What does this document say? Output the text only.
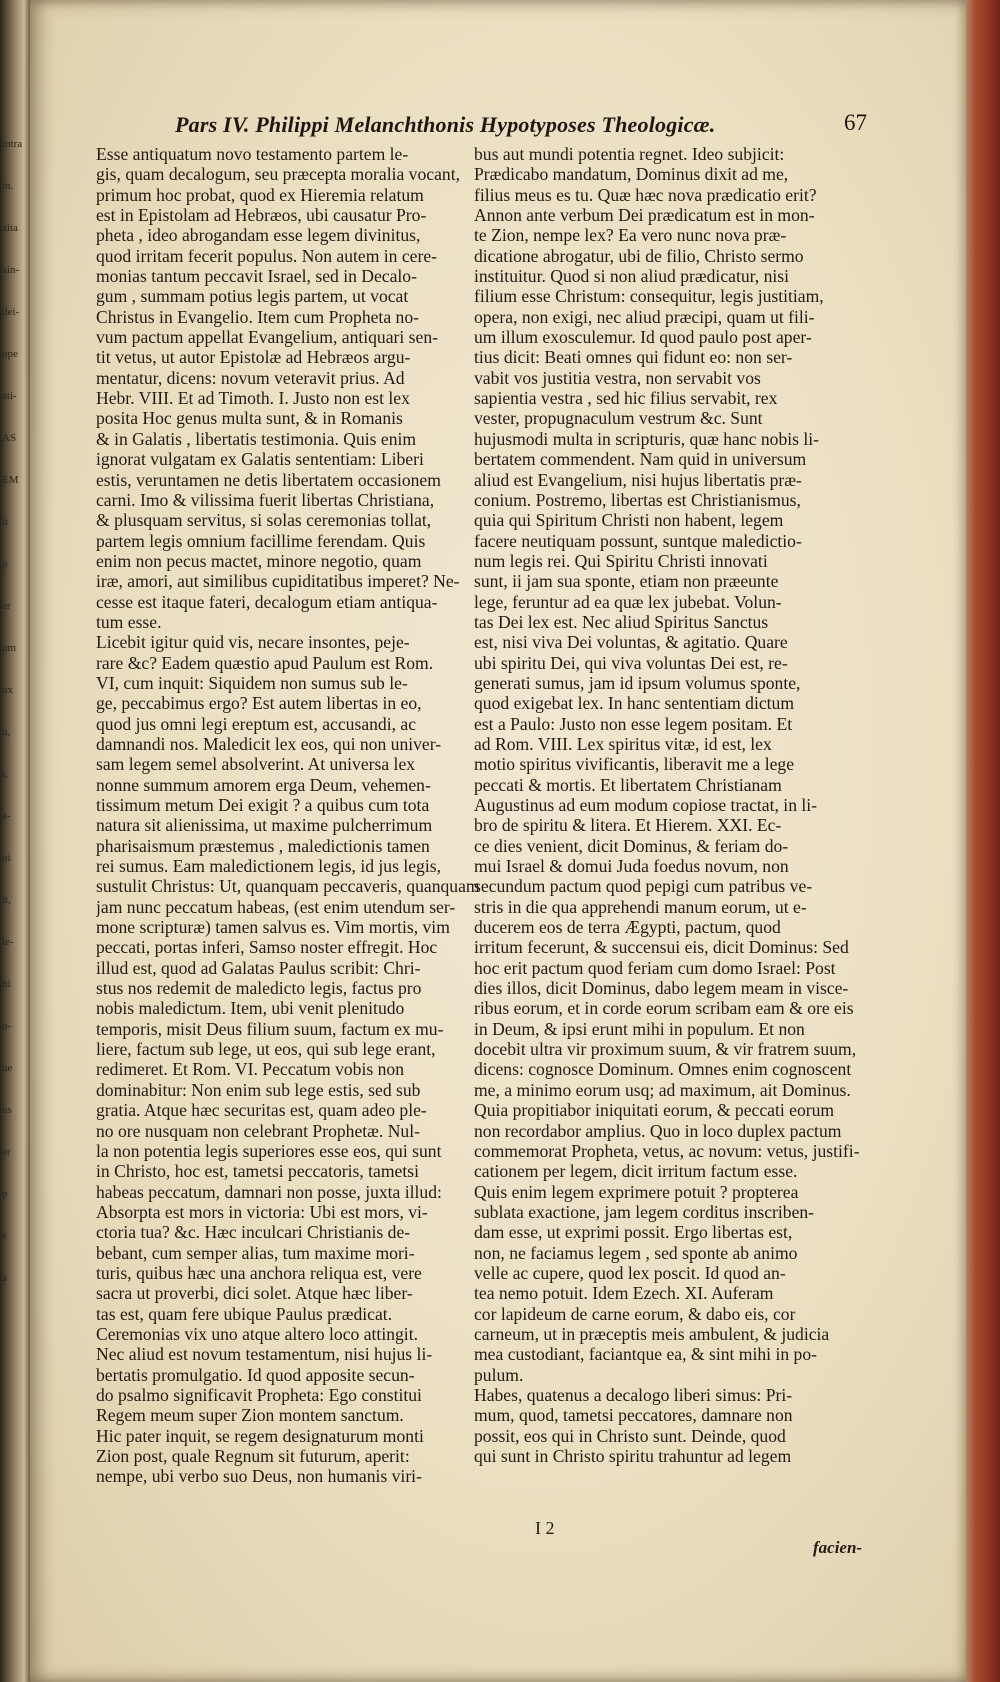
intra
in.
aita
ain-
dei-
ope
ati-
AS
EM
it
p
er
um
ux
n,
t,
a-
oi
it,
le-
hi
o-
ne
ns
er
p
e
a
Pars IV. Philippi Melanchthonis Hypotyposes Theologicæ.	67
Esse antiquatum novo testamento partem le-
gis, quam decalogum, seu præcepta moralia vocant,
primum hoc probat, quod ex Hieremia relatum
est in Epistolam ad Hebræos, ubi causatur Pro-
pheta , ideo abrogandam esse legem divinitus,
quod irritam fecerit populus. Non autem in cere-
monias tantum peccavit Israel, sed in Decalo-
gum , summam potius legis partem, ut vocat
Christus in Evangelio. Item cum Propheta no-
vum pactum appellat Evangelium, antiquari sen-
tit vetus, ut autor Epistolæ ad Hebræos argu-
mentatur, dicens: novum veteravit prius. Ad
Hebr. VIII. Et ad Timoth. I. Justo non est lex
posita Hoc genus multa sunt, & in Romanis
& in Galatis , libertatis testimonia. Quis enim
ignorat vulgatam ex Galatis sententiam: Liberi
estis, veruntamen ne detis libertatem occasionem
carni. Imo & vilissima fuerit libertas Christiana,
& plusquam servitus, si solas ceremonias tollat,
partem legis omnium facillime ferendam. Quis
enim non pecus mactet, minore negotio, quam
iræ, amori, aut similibus cupiditatibus imperet? Ne-
cesse est itaque fateri, decalogum etiam antiqua-
tum esse.
Licebit igitur quid vis, necare insontes, peje-
rare &c? Eadem quæstio apud Paulum est Rom.
VI, cum inquit: Siquidem non sumus sub le-
ge, peccabimus ergo? Est autem libertas in eo,
quod jus omni legi ereptum est, accusandi, ac
damnandi nos. Maledicit lex eos, qui non univer-
sam legem semel absolverint. At universa lex
nonne summum amorem erga Deum, vehemen-
tissimum metum Dei exigit ? a quibus cum tota
natura sit alienissima, ut maxime pulcherrimum
pharisaismum præstemus , maledictionis tamen
rei sumus. Eam maledictionem legis, id jus legis,
sustulit Christus: Ut, quanquam peccaveris, quanquam
jam nunc peccatum habeas, (est enim utendum ser-
mone scripturæ) tamen salvus es. Vim mortis, vim
peccati, portas inferi, Samso noster effregit. Hoc
illud est, quod ad Galatas Paulus scribit: Chri-
stus nos redemit de maledicto legis, factus pro
nobis maledictum. Item, ubi venit plenitudo
temporis, misit Deus filium suum, factum ex mu-
liere, factum sub lege, ut eos, qui sub lege erant,
redimeret. Et Rom. VI. Peccatum vobis non
dominabitur: Non enim sub lege estis, sed sub
gratia. Atque hæc securitas est, quam adeo ple-
no ore nusquam non celebrant Prophetæ. Nul-
la non potentia legis superiores esse eos, qui sunt
in Christo, hoc est, tametsi peccatoris, tametsi
habeas peccatum, damnari non posse, juxta illud:
Absorpta est mors in victoria: Ubi est mors, vi-
ctoria tua? &c. Hæc inculcari Christianis de-
bebant, cum semper alias, tum maxime mori-
turis, quibus hæc una anchora reliqua est, vere
sacra ut proverbi, dici solet. Atque hæc liber-
tas est, quam fere ubique Paulus prædicat.
Ceremonias vix uno atque altero loco attingit.
Nec aliud est novum testamentum, nisi hujus li-
bertatis promulgatio. Id quod apposite secun-
do psalmo significavit Propheta: Ego constitui
Regem meum super Zion montem sanctum.
Hic pater inquit, se regem designaturum monti
Zion post, quale Regnum sit futurum, aperit:
nempe, ubi verbo suo Deus, non humanis viri-
bus aut mundi potentia regnet. Ideo subjicit:
Prædicabo mandatum, Dominus dixit ad me,
filius meus es tu. Quæ hæc nova prædicatio erit?
Annon ante verbum Dei prædicatum est in mon-
te Zion, nempe lex? Ea vero nunc nova præ-
dicatione abrogatur, ubi de filio, Christo sermo
instituitur. Quod si non aliud prædicatur, nisi
filium esse Christum: consequitur, legis justitiam,
opera, non exigi, nec aliud præcipi, quam ut fili-
um illum exosculemur. Id quod paulo post aper-
tius dicit: Beati omnes qui fidunt eo: non ser-
vabit vos justitia vestra, non servabit vos
sapientia vestra , sed hic filius servabit, rex
vester, propugnaculum vestrum &c. Sunt
hujusmodi multa in scripturis, quæ hanc nobis li-
bertatem commendent. Nam quid in universum
aliud est Evangelium, nisi hujus libertatis præ-
conium. Postremo, libertas est Christianismus,
quia qui Spiritum Christi non habent, legem
facere neutiquam possunt, suntque maledictio-
num legis rei. Qui Spiritu Christi innovati
sunt, ii jam sua sponte, etiam non præeunte
lege, feruntur ad ea quæ lex jubebat. Volun-
tas Dei lex est. Nec aliud Spiritus Sanctus
est, nisi viva Dei voluntas, & agitatio. Quare
ubi spiritu Dei, qui viva voluntas Dei est, re-
generati sumus, jam id ipsum volumus sponte,
quod exigebat lex. In hanc sententiam dictum
est a Paulo: Justo non esse legem positam. Et
ad Rom. VIII. Lex spiritus vitæ, id est, lex
motio spiritus vivificantis, liberavit me a lege
peccati & mortis. Et libertatem Christianam
Augustinus ad eum modum copiose tractat, in li-
bro de spiritu & litera. Et Hierem. XXI. Ec-
ce dies venient, dicit Dominus, & feriam do-
mui Israel & domui Juda foedus novum, non
secundum pactum quod pepigi cum patribus ve-
stris in die qua apprehendi manum eorum, ut e-
ducerem eos de terra Ægypti, pactum, quod
irritum fecerunt, & succensui eis, dicit Dominus: Sed
hoc erit pactum quod feriam cum domo Israel: Post
dies illos, dicit Dominus, dabo legem meam in visce-
ribus eorum, et in corde eorum scribam eam & ore eis
in Deum, & ipsi erunt mihi in populum. Et non
docebit ultra vir proximum suum, & vir fratrem suum,
dicens: cognosce Dominum. Omnes enim cognoscent
me, a minimo eorum usq; ad maximum, ait Dominus.
Quia propitiabor iniquitati eorum, & peccati eorum
non recordabor amplius. Quo in loco duplex pactum
commemorat Propheta, vetus, ac novum: vetus, justifi-
cationem per legem, dicit irritum factum esse.
Quis enim legem exprimere potuit ? propterea
sublata exactione, jam legem corditus inscriben-
dam esse, ut exprimi possit. Ergo libertas est,
non, ne faciamus legem , sed sponte ab animo
velle ac cupere, quod lex poscit. Id quod an-
tea nemo potuit. Idem Ezech. XI. Auferam
cor lapideum de carne eorum, & dabo eis, cor
carneum, ut in præceptis meis ambulent, & judicia
mea custodiant, faciantque ea, & sint mihi in po-
pulum.
Habes, quatenus a decalogo liberi simus: Pri-
mum, quod, tametsi peccatores, damnare non
possit, eos qui in Christo sunt. Deinde, quod
qui sunt in Christo spiritu trahuntur ad legem
I 2
facien-
